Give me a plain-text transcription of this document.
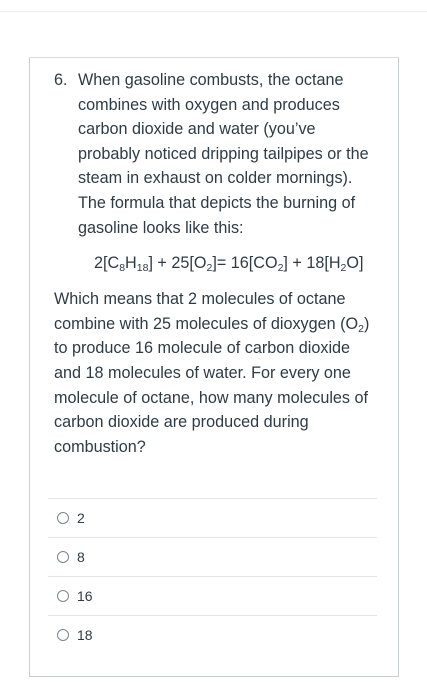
6. When gasoline combusts, the octane combines with oxygen and produces carbon dioxide and water (you’ve probably noticed dripping tailpipes or the steam in exhaust on colder mornings). The formula that depicts the burning of gasoline looks like this:
$2[C_8H_{18}] + 25[O_2]= 16[CO_2] + 18[H_2O]$
Which means that 2 molecules of octane combine with 25 molecules of dioxygen $(O_2)$ to produce 16 molecule of carbon dioxide and 18 molecules of water. For every one molecule of octane, how many molecules of carbon dioxide are produced during combustion?
2
8
16
18
